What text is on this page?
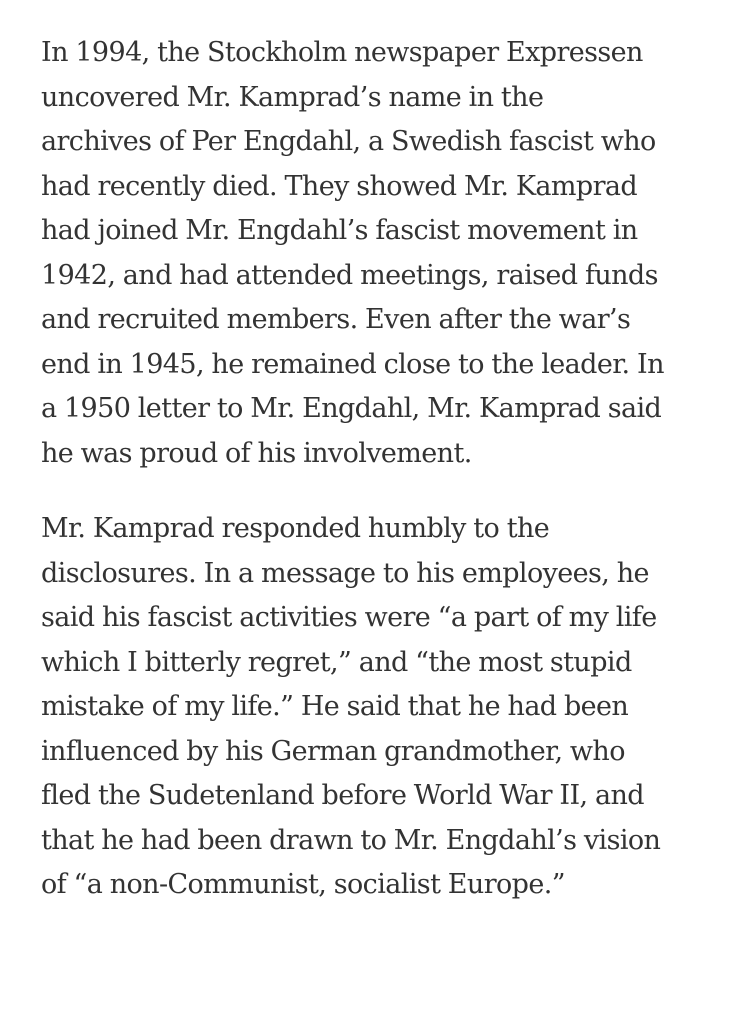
In 1994, the Stockholm newspaper Expressen
uncovered Mr. Kamprad’s name in the
archives of Per Engdahl, a Swedish fascist who
had recently died. They showed Mr. Kamprad
had joined Mr. Engdahl’s fascist movement in
1942, and had attended meetings, raised funds
and recruited members. Even after the war’s
end in 1945, he remained close to the leader. In
a 1950 letter to Mr. Engdahl, Mr. Kamprad said
he was proud of his involvement.

Mr. Kamprad responded humbly to the
disclosures. In a message to his employees, he
said his fascist activities were “a part of my life
which I bitterly regret,” and “the most stupid
mistake of my life.” He said that he had been
influenced by his German grandmother, who
fled the Sudetenland before World War II, and
that he had been drawn to Mr. Engdahl’s vision
of “a non-Communist, socialist Europe.”
